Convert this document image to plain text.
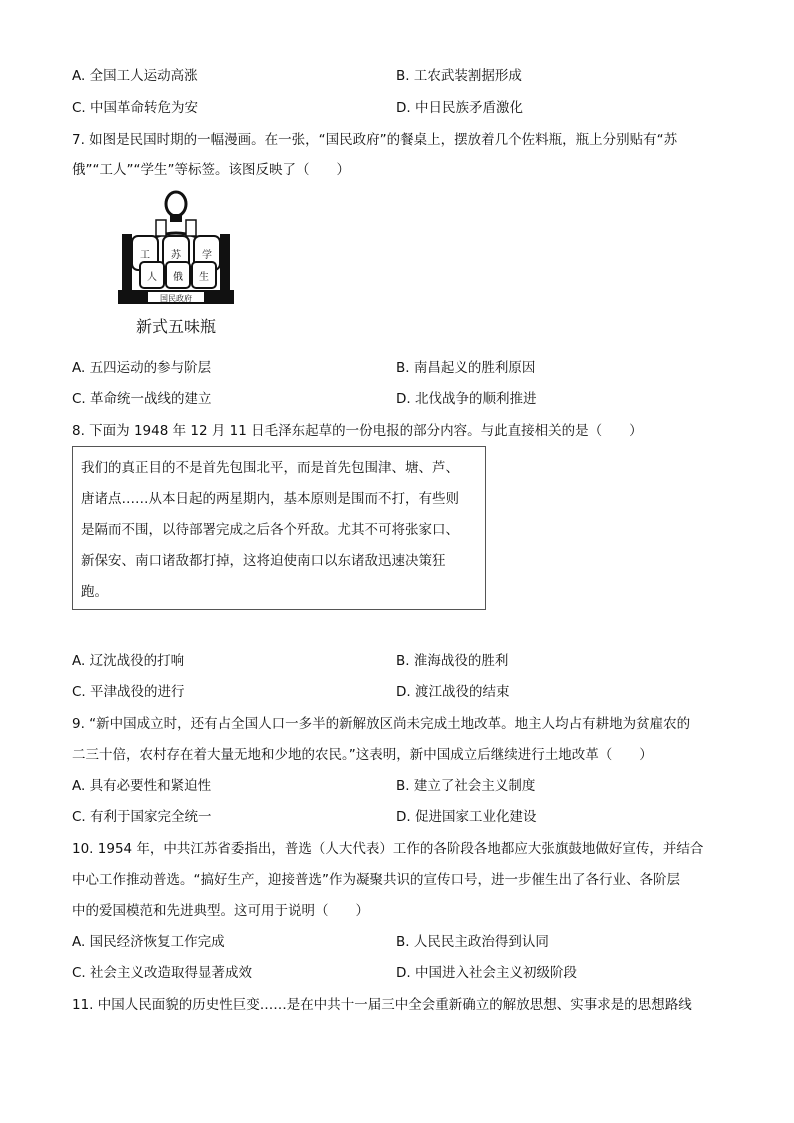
A. 全国工人运动高涨	B. 工农武装割据形成
C. 中国革命转危为安	D. 中日民族矛盾激化
7. 如图是民国时期的一幅漫画。在一张，“国民政府”的餐桌上，摆放着几个佐料瓶，瓶上分别贴有“苏
俄”“工人”“学生”等标签。该图反映了（　　）
工 苏 学
人 俄 生
国民政府
新式五味瓶
A. 五四运动的参与阶层	B. 南昌起义的胜利原因
C. 革命统一战线的建立	D. 北伐战争的顺利推进
8. 下面为 1948 年 12 月 11 日毛泽东起草的一份电报的部分内容。与此直接相关的是（　　）
我们的真正目的不是首先包围北平，而是首先包围津、塘、芦、
唐诸点……从本日起的两星期内，基本原则是围而不打，有些则
是隔而不围，以待部署完成之后各个歼敌。尤其不可将张家口、
新保安、南口诸敌都打掉，这将迫使南口以东诸敌迅速决策狂
跑。
A. 辽沈战役的打响	B. 淮海战役的胜利
C. 平津战役的进行	D. 渡江战役的结束
9. “新中国成立时，还有占全国人口一多半的新解放区尚未完成土地改革。地主人均占有耕地为贫雇农的
二三十倍，农村存在着大量无地和少地的农民。”这表明，新中国成立后继续进行土地改革（　　）
A. 具有必要性和紧迫性	B. 建立了社会主义制度
C. 有利于国家完全统一	D. 促进国家工业化建设
10. 1954 年，中共江苏省委指出，普选（人大代表）工作的各阶段各地都应大张旗鼓地做好宣传，并结合
中心工作推动普选。“搞好生产，迎接普选”作为凝聚共识的宣传口号，进一步催生出了各行业、各阶层
中的爱国模范和先进典型。这可用于说明（　　）
A. 国民经济恢复工作完成	B. 人民民主政治得到认同
C. 社会主义改造取得显著成效	D. 中国进入社会主义初级阶段
11. 中国人民面貌的历史性巨变……是在中共十一届三中全会重新确立的解放思想、实事求是的思想路线
